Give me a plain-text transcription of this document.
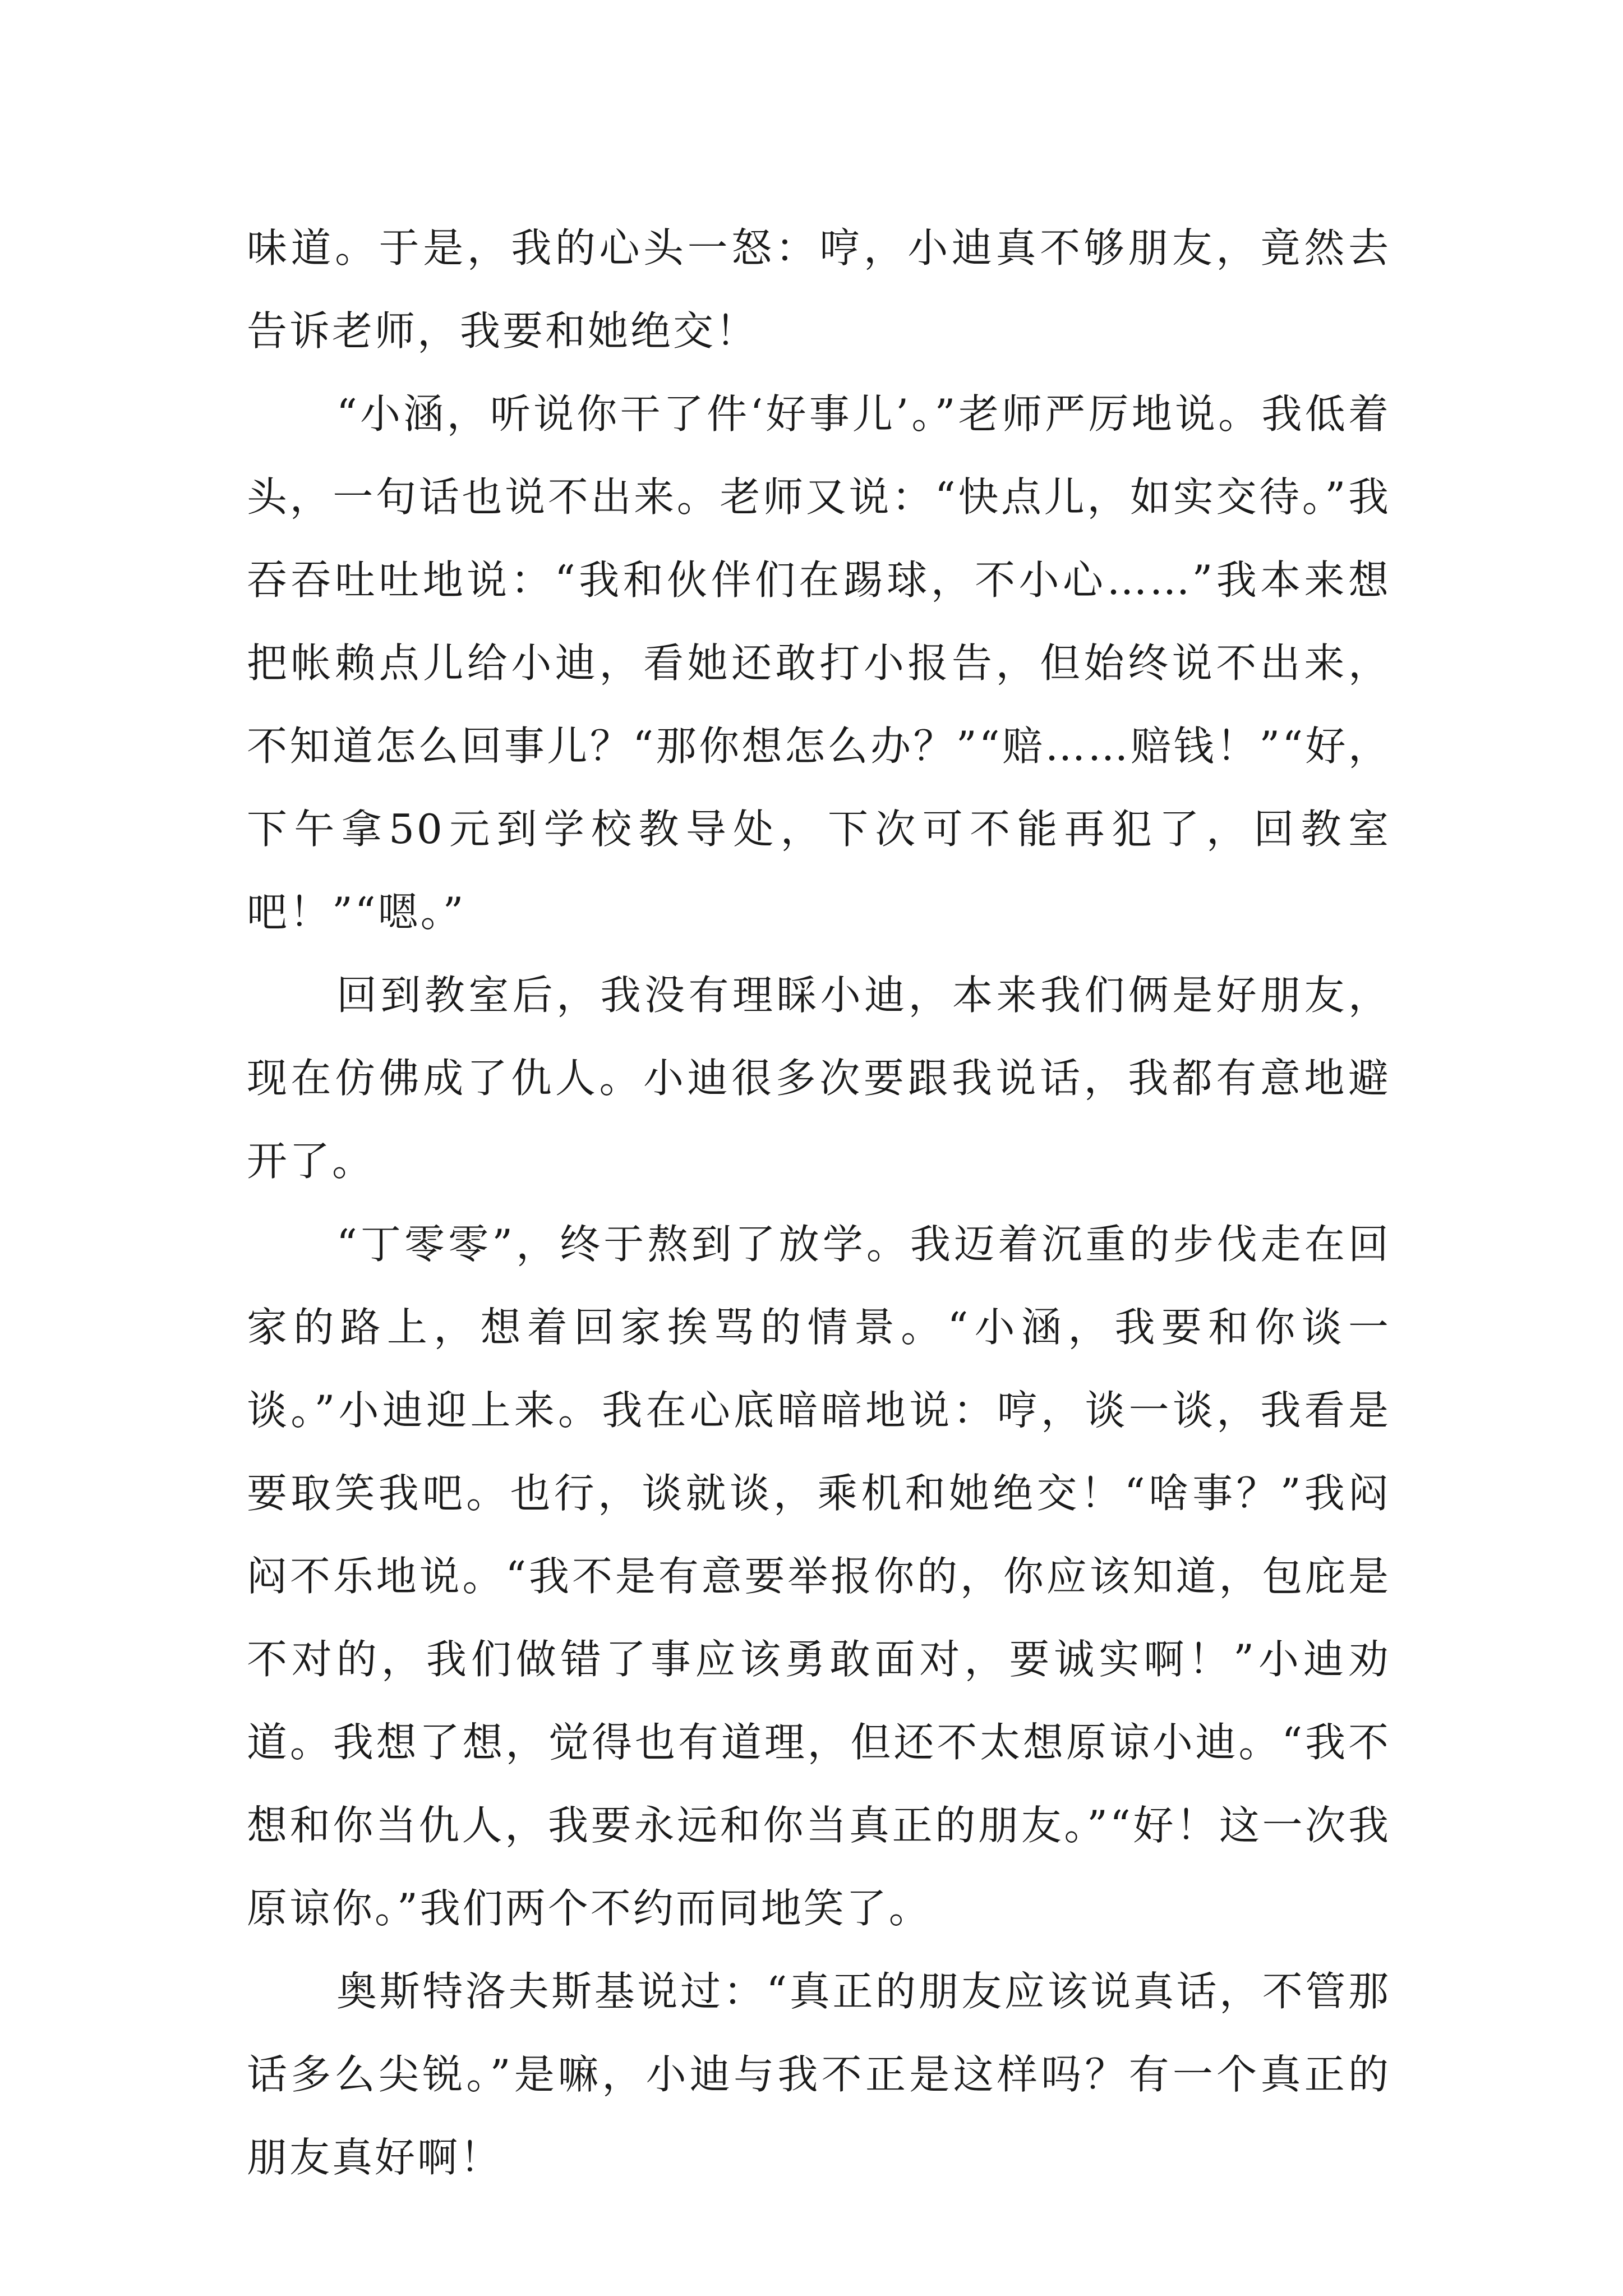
味道。于是，我的心头一怒：哼，小迪真不够朋友，竟然去告诉老师，我要和她绝交！

“小涵，听说你干了件‘好事儿’。”老师严厉地说。我低着头，一句话也说不出来。老师又说：“快点儿，如实交待。”我吞吞吐吐地说：“我和伙伴们在踢球，不小心……”我本来想把帐赖点儿给小迪，看她还敢打小报告，但始终说不出来，不知道怎么回事儿？“那你想怎么办？”“赔……赔钱！”“好，下午拿50元到学校教导处，下次可不能再犯了，回教室吧！”“嗯。”

回到教室后，我没有理睬小迪，本来我们俩是好朋友，现在仿佛成了仇人。小迪很多次要跟我说话，我都有意地避开了。

“丁零零”，终于熬到了放学。我迈着沉重的步伐走在回家的路上，想着回家挨骂的情景。“小涵，我要和你谈一谈。”小迪迎上来。我在心底暗暗地说：哼，谈一谈，我看是要取笑我吧。也行，谈就谈，乘机和她绝交！“啥事？”我闷闷不乐地说。“我不是有意要举报你的，你应该知道，包庇是不对的，我们做错了事应该勇敢面对，要诚实啊！”小迪劝道。我想了想，觉得也有道理，但还不太想原谅小迪。“我不想和你当仇人，我要永远和你当真正的朋友。”“好！这一次我原谅你。”我们两个不约而同地笑了。

奥斯特洛夫斯基说过：“真正的朋友应该说真话，不管那话多么尖锐。”是嘛，小迪与我不正是这样吗？有一个真正的朋友真好啊！
